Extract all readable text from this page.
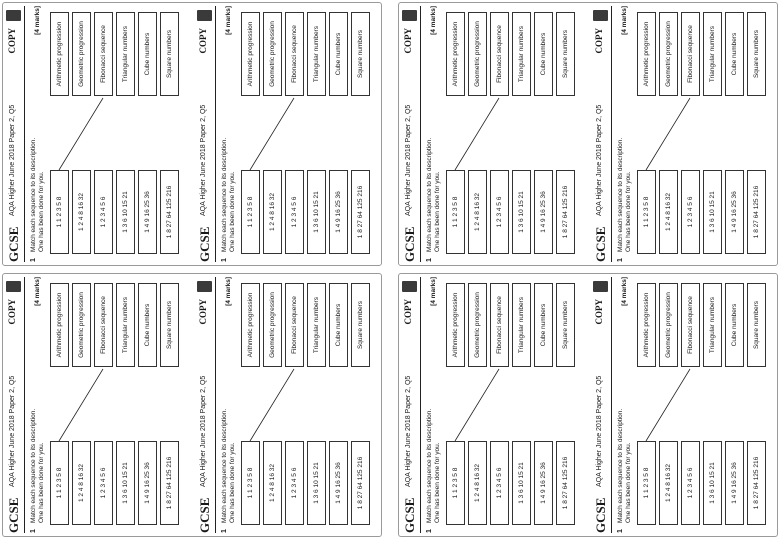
GCSE
AQA Higher June 2018 Paper 2, Q5
COPY
1
Match each sequence to its description. One has been done for you.
[4 marks]
1 1 2 3 5 8	1 2 4 8 16 32	1 2 3 4 5 6	1 3 6 10 15 21	1 4 9 16 25 36	1 8 27 64 125 216
Arithmetic progression	Geometric progression	Fibonacci sequence	Triangular numbers	Cube numbers	Square numbers
GCSE
AQA Higher June 2018 Paper 2, Q5
COPY
1
Match each sequence to its description. One has been done for you.
[4 marks]
1 1 2 3 5 8	1 2 4 8 16 32	1 2 3 4 5 6	1 3 6 10 15 21	1 4 9 16 25 36	1 8 27 64 125 216
Arithmetic progression	Geometric progression	Fibonacci sequence	Triangular numbers	Cube numbers	Square numbers
GCSE
AQA Higher June 2018 Paper 2, Q5
COPY
1
Match each sequence to its description. One has been done for you.
[4 marks]
1 1 2 3 5 8	1 2 4 8 16 32	1 2 3 4 5 6	1 3 6 10 15 21	1 4 9 16 25 36	1 8 27 64 125 216
Arithmetic progression	Geometric progression	Fibonacci sequence	Triangular numbers	Cube numbers	Square numbers
GCSE
AQA Higher June 2018 Paper 2, Q5
COPY
1
Match each sequence to its description. One has been done for you.
[4 marks]
1 1 2 3 5 8	1 2 4 8 16 32	1 2 3 4 5 6	1 3 6 10 15 21	1 4 9 16 25 36	1 8 27 64 125 216
Arithmetic progression	Geometric progression	Fibonacci sequence	Triangular numbers	Cube numbers	Square numbers
GCSE
AQA Higher June 2018 Paper 2, Q5
COPY
1
Match each sequence to its description. One has been done for you.
[4 marks]
1 1 2 3 5 8	1 2 4 8 16 32	1 2 3 4 5 6	1 3 6 10 15 21	1 4 9 16 25 36	1 8 27 64 125 216
Arithmetic progression	Geometric progression	Fibonacci sequence	Triangular numbers	Cube numbers	Square numbers
GCSE
AQA Higher June 2018 Paper 2, Q5
COPY
1
Match each sequence to its description. One has been done for you.
[4 marks]
1 1 2 3 5 8	1 2 4 8 16 32	1 2 3 4 5 6	1 3 6 10 15 21	1 4 9 16 25 36	1 8 27 64 125 216
Arithmetic progression	Geometric progression	Fibonacci sequence	Triangular numbers	Cube numbers	Square numbers
GCSE
AQA Higher June 2018 Paper 2, Q5
COPY
1
Match each sequence to its description. One has been done for you.
[4 marks]
1 1 2 3 5 8	1 2 4 8 16 32	1 2 3 4 5 6	1 3 6 10 15 21	1 4 9 16 25 36	1 8 27 64 125 216
Arithmetic progression	Geometric progression	Fibonacci sequence	Triangular numbers	Cube numbers	Square numbers
GCSE
AQA Higher June 2018 Paper 2, Q5
COPY
1
Match each sequence to its description. One has been done for you.
[4 marks]
1 1 2 3 5 8	1 2 4 8 16 32	1 2 3 4 5 6	1 3 6 10 15 21	1 4 9 16 25 36	1 8 27 64 125 216
Arithmetic progression	Geometric progression	Fibonacci sequence	Triangular numbers	Cube numbers	Square numbers
